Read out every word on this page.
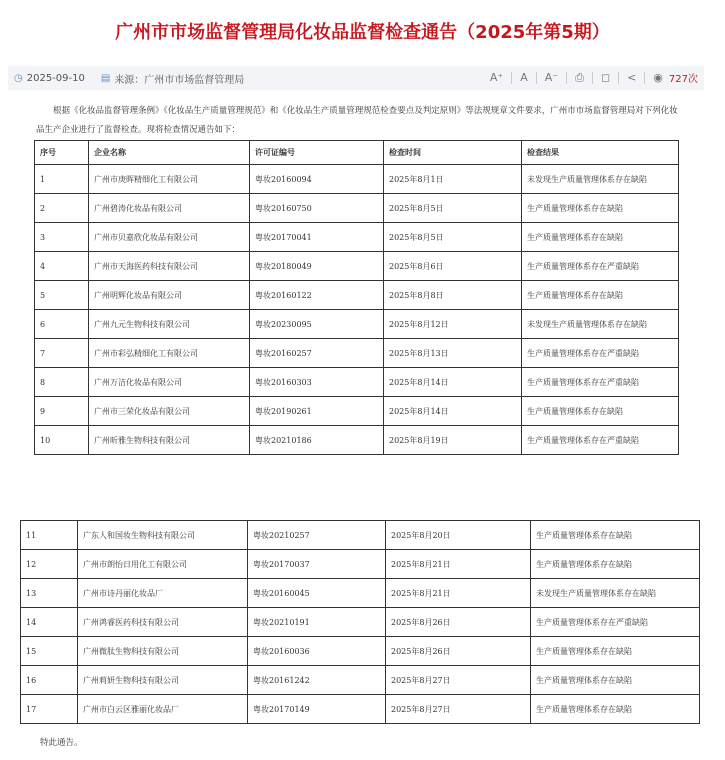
广州市市场监督管理局化妆品监督检查通告（2025年第5期）
◷ 2025-09-10 ▤ 来源：广州市市场监督管理局	A⁺ A A⁻ ⎙ ◻ < ◉ 727次
根据《化妆品监督管理条例》《化妆品生产质量管理规范》和《化妆品生产质量管理规范检查要点及判定原则》等法规规章文件要求，广州市市场监督管理局对下列化妆品生产企业进行了监督检查。现将检查情况通告如下：
序号	企业名称	许可证编号	检查时间	检查结果
1	广州市庚晖精细化工有限公司	粤妆20160094	2025年8月1日	未发现生产质量管理体系存在缺陷
2	广州碧涛化妆品有限公司	粤妆20160750	2025年8月5日	生产质量管理体系存在缺陷
3	广州市贝嘉欣化妆品有限公司	粤妆20170041	2025年8月5日	生产质量管理体系存在缺陷
4	广州市天海医药科技有限公司	粤妆20180049	2025年8月6日	生产质量管理体系存在严重缺陷
5	广州明辉化妆品有限公司	粤妆20160122	2025年8月8日	生产质量管理体系存在缺陷
6	广州九元生物科技有限公司	粤妆20230095	2025年8月12日	未发现生产质量管理体系存在缺陷
7	广州市彩弘精细化工有限公司	粤妆20160257	2025年8月13日	生产质量管理体系存在严重缺陷
8	广州万洁化妆品有限公司	粤妆20160303	2025年8月14日	生产质量管理体系存在严重缺陷
9	广州市三荣化妆品有限公司	粤妆20190261	2025年8月14日	生产质量管理体系存在缺陷
10	广州昕雅生物科技有限公司	粤妆20210186	2025年8月19日	生产质量管理体系存在严重缺陷
11	广东人和国妆生物科技有限公司	粤妆20210257	2025年8月20日	生产质量管理体系存在缺陷
12	广州市朗怡日用化工有限公司	粤妆20170037	2025年8月21日	生产质量管理体系存在缺陷
13	广州市诗丹丽化妆品厂	粤妆20160045	2025年8月21日	未发现生产质量管理体系存在缺陷
14	广州鸿睿医药科技有限公司	粤妆20210191	2025年8月26日	生产质量管理体系存在严重缺陷
15	广州微肽生物科技有限公司	粤妆20160036	2025年8月26日	生产质量管理体系存在缺陷
16	广州莉妍生物科技有限公司	粤妆20161242	2025年8月27日	生产质量管理体系存在缺陷
17	广州市白云区雅丽化妆品厂	粤妆20170149	2025年8月27日	生产质量管理体系存在缺陷
特此通告。
